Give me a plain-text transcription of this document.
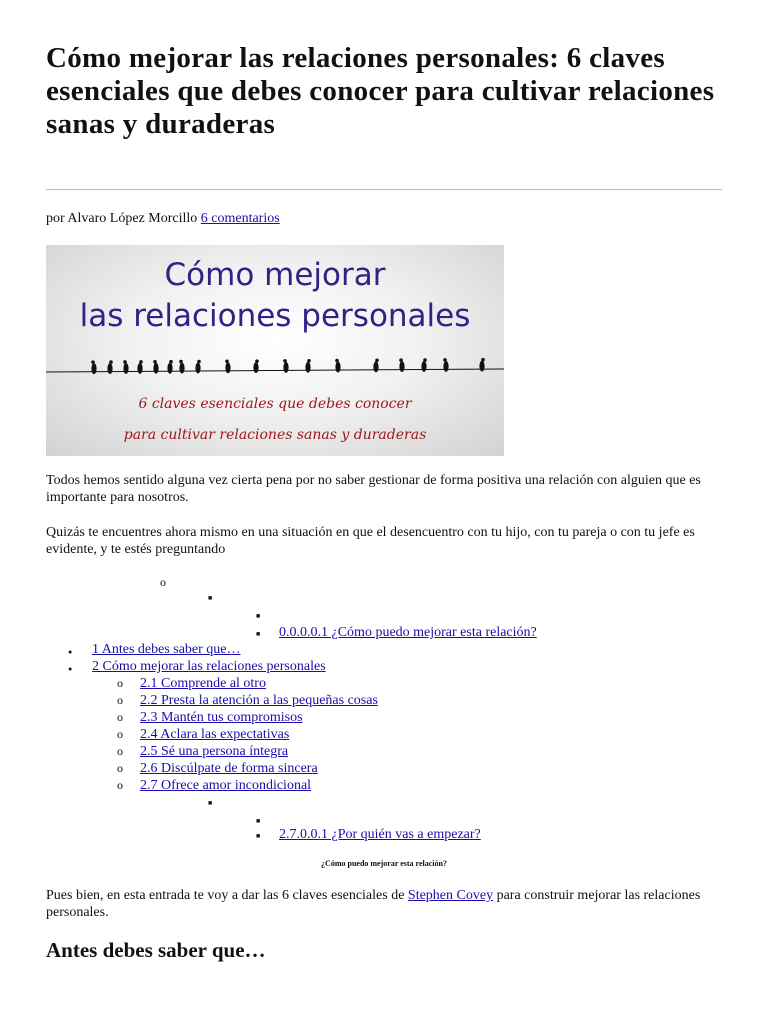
Cómo mejorar las relaciones personales: 6 claves esenciales que debes conocer para cultivar relaciones sanas y duraderas
por Alvaro López Morcillo 6 comentarios
Cómo mejorar
las relaciones personales
6 claves esenciales que debes conocer
para cultivar relaciones sanas y duraderas

Todos hemos sentido alguna vez cierta pena por no saber gestionar de forma positiva una relación con alguien que es importante para nosotros.

Quizás te encuentres ahora mismo en una situación en que el desencuentro con tu hijo, con tu pareja o con tu jefe es evidente, y te estés preguntando

o
■
■
■ 0.0.0.0.1 ¿Cómo puedo mejorar esta relación?
● 1 Antes debes saber que…
● 2 Cómo mejorar las relaciones personales
o 2.1 Comprende al otro
o 2.2 Presta la atención a las pequeñas cosas
o 2.3 Mantén tus compromisos
o 2.4 Aclara las expectativas
o 2.5 Sé una persona íntegra
o 2.6 Discúlpate de forma sincera
o 2.7 Ofrece amor incondicional
■
■
■ 2.7.0.0.1 ¿Por quién vas a empezar?
¿Cómo puedo mejorar esta relación?

Pues bien, en esta entrada te voy a dar las 6 claves esenciales de Stephen Covey para construir mejorar las relaciones personales.

Antes debes saber que…
